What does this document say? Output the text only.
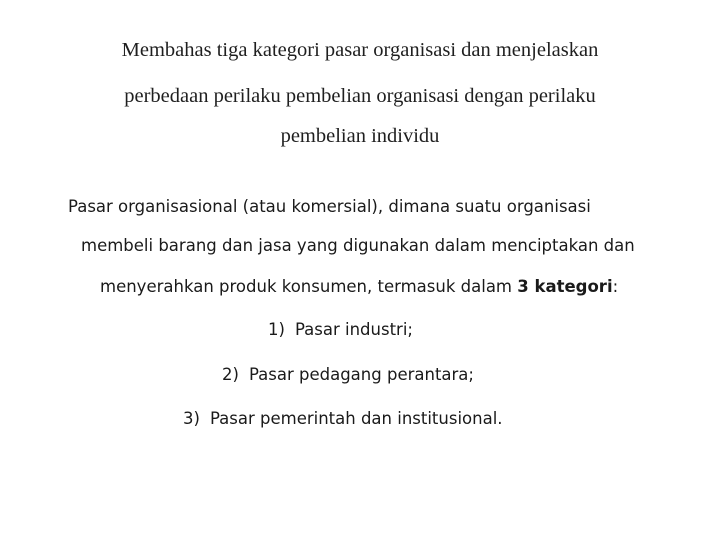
Membahas tiga kategori pasar organisasi dan menjelaskan
perbedaan perilaku pembelian organisasi dengan perilaku
pembelian individu
Pasar organisasional (atau komersial), dimana suatu organisasi
membeli barang dan jasa yang digunakan dalam menciptakan dan
menyerahkan produk konsumen, termasuk dalam 3 kategori:
1) Pasar industri;
2) Pasar pedagang perantara;
3) Pasar pemerintah dan institusional.
